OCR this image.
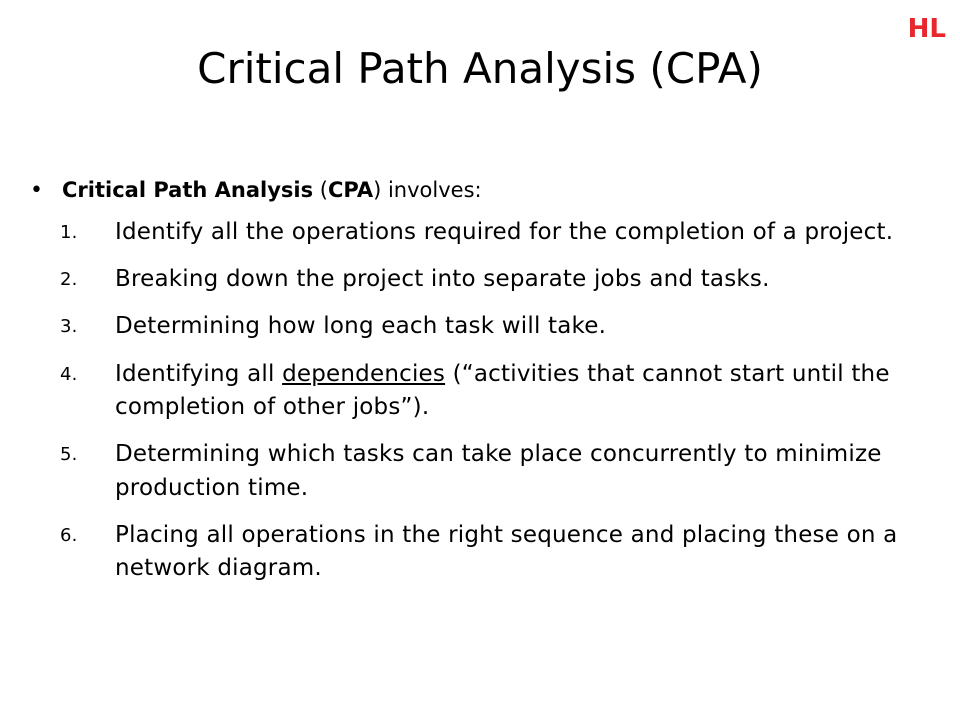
HL
Critical Path Analysis (CPA)
• Critical Path Analysis (CPA) involves:
1.	Identify all the operations required for the completion of a project.
2.	Breaking down the project into separate jobs and tasks.
3.	Determining how long each task will take.
4.	Identifying all dependencies (“activities that cannot start until the completion of other jobs”).
5.	Determining which tasks can take place concurrently to minimize production time.
6.	Placing all operations in the right sequence and placing these on a network diagram.
